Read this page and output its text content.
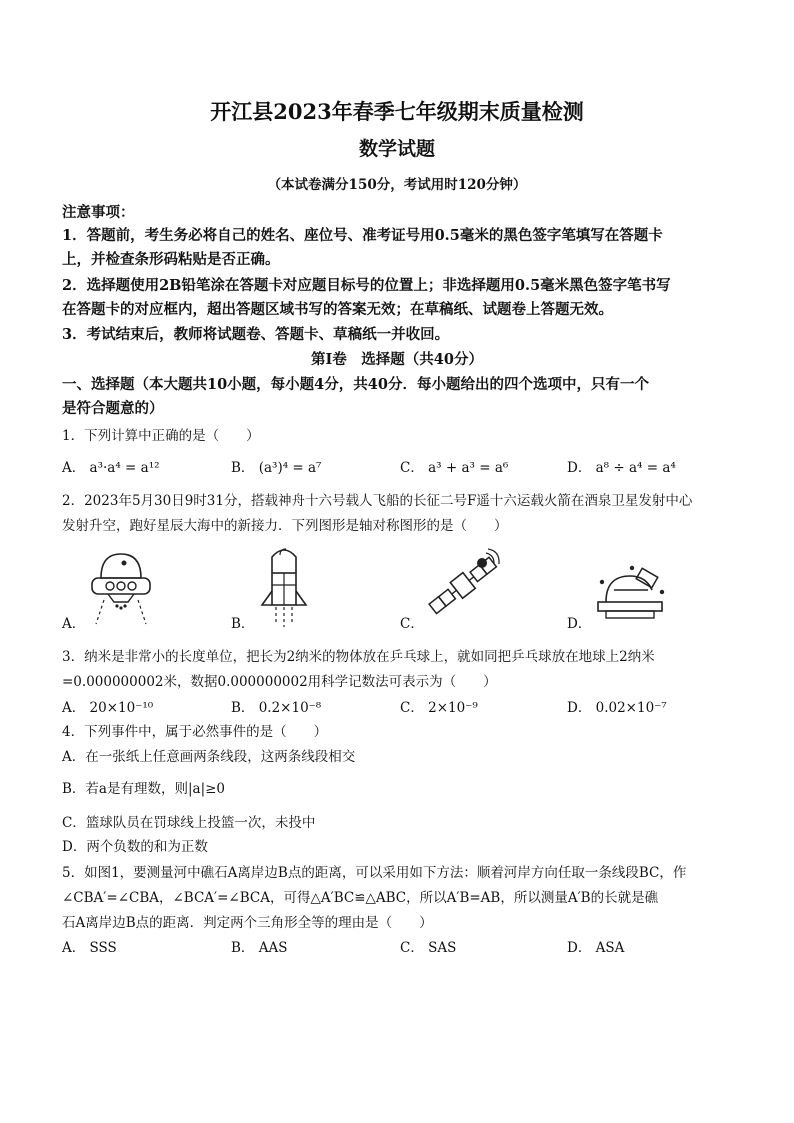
开江县2023年春季七年级期末质量检测
数学试题
（本试卷满分150分，考试用时120分钟）
注意事项：
1．答题前，考生务必将自己的姓名、座位号、准考证号用0.5毫米的黑色签字笔填写在答题卡
上，并检查条形码粘贴是否正确。
2．选择题使用2B铅笔涂在答题卡对应题目标号的位置上；非选择题用0.5毫米黑色签字笔书写
在答题卡的对应框内，超出答题区域书写的答案无效；在草稿纸、试题卷上答题无效。
3．考试结束后，教师将试题卷、答题卡、草稿纸一并收回。
第Ⅰ卷　选择题（共40分）
一、选择题（本大题共10小题，每小题4分，共40分．每小题给出的四个选项中，只有一个
是符合题意的）
1．下列计算中正确的是（　　）
A． a³·a⁴ = a¹²	B． (a³)⁴ = a⁷	C． a³ + a³ = a⁶	D． a⁸ ÷ a⁴ = a⁴
2．2023年5月30日9时31分，搭载神舟十六号载人飞船的长征二号F遥十六运载火箭在酒泉卫星发射中心
发射升空，跑好星辰大海中的新接力．下列图形是轴对称图形的是（　　）
A．	B．	C．	D．
3．纳米是非常小的长度单位，把长为2纳米的物体放在乒乓球上，就如同把乒乓球放在地球上2纳米
=0.000000002米，数据0.000000002用科学记数法可表示为（　　）
A． 20×10⁻¹⁰	B． 0.2×10⁻⁸	C． 2×10⁻⁹	D． 0.02×10⁻⁷
4．下列事件中，属于必然事件的是（　　）
A．在一张纸上任意画两条线段，这两条线段相交
B．若a是有理数，则|a|≥0
C．篮球队员在罚球线上投篮一次，未投中
D．两个负数的和为正数
5．如图1，要测量河中礁石A离岸边B点的距离，可以采用如下方法：顺着河岸方向任取一条线段BC，作
∠CBA′=∠CBA，∠BCA′=∠BCA，可得△A′BC≌△ABC，所以A′B=AB，所以测量A′B的长就是礁
石A离岸边B点的距离．判定两个三角形全等的理由是（　　）
A． SSS	B． AAS	C． SAS	D． ASA
